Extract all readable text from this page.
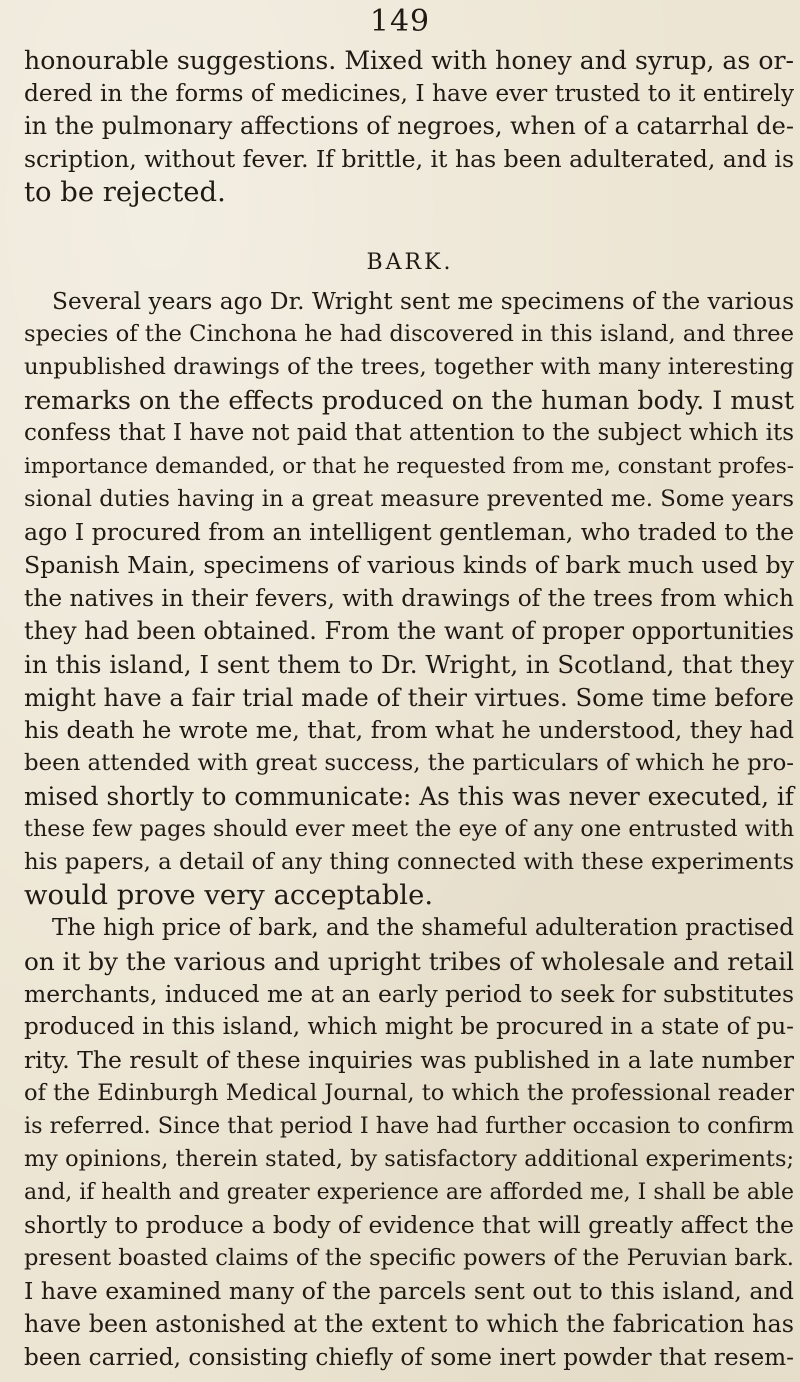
149
honourable suggestions. Mixed with honey and syrup, as or-
dered in the forms of medicines, I have ever trusted to it entirely
in the pulmonary affections of negroes, when of a catarrhal de-
scription, without fever. If brittle, it has been adulterated, and is
to be rejected.
BARK.
Several years ago Dr. Wright sent me specimens of the various
species of the Cinchona he had discovered in this island, and three
unpublished drawings of the trees, together with many interesting
remarks on the effects produced on the human body. I must
confess that I have not paid that attention to the subject which its
importance demanded, or that he requested from me, constant profes-
sional duties having in a great measure prevented me. Some years
ago I procured from an intelligent gentleman, who traded to the
Spanish Main, specimens of various kinds of bark much used by
the natives in their fevers, with drawings of the trees from which
they had been obtained. From the want of proper opportunities
in this island, I sent them to Dr. Wright, in Scotland, that they
might have a fair trial made of their virtues. Some time before
his death he wrote me, that, from what he understood, they had
been attended with great success, the particulars of which he pro-
mised shortly to communicate: As this was never executed, if
these few pages should ever meet the eye of any one entrusted with
his papers, a detail of any thing connected with these experiments
would prove very acceptable.
The high price of bark, and the shameful adulteration practised
on it by the various and upright tribes of wholesale and retail
merchants, induced me at an early period to seek for substitutes
produced in this island, which might be procured in a state of pu-
rity. The result of these inquiries was published in a late number
of the Edinburgh Medical Journal, to which the professional reader
is referred. Since that period I have had further occasion to confirm
my opinions, therein stated, by satisfactory additional experiments;
and, if health and greater experience are afforded me, I shall be able
shortly to produce a body of evidence that will greatly affect the
present boasted claims of the specific powers of the Peruvian bark.
I have examined many of the parcels sent out to this island, and
have been astonished at the extent to which the fabrication has
been carried, consisting chiefly of some inert powder that resem-
